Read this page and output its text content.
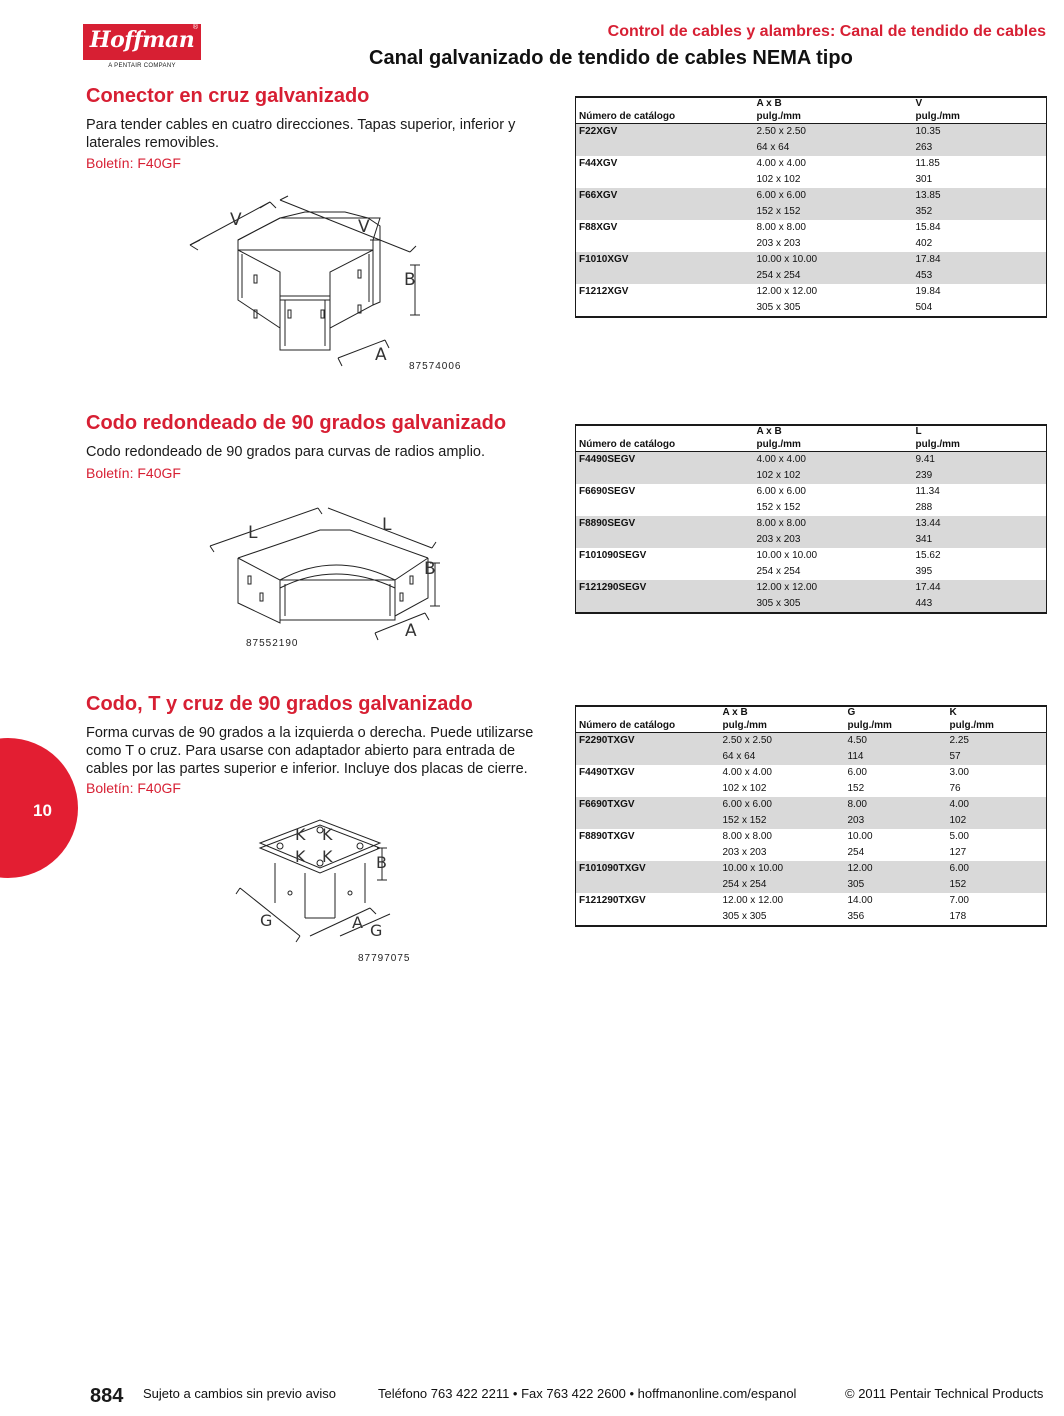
Hoffman
®
A PENTAIR COMPANY
Control de cables y alambres: Canal de tendido de cables
Canal galvanizado de tendido de cables NEMA tipo
Conector en cruz galvanizado
Para tender cables en cuatro direcciones. Tapas superior, inferior y laterales removibles.
Boletín: F40GF
V	V
B
A
87574006
	A x B	V
Número de catálogo	pulg./mm	pulg./mm
F22XGV	2.50 x 2.50	10.35
	64 x 64	263
F44XGV	4.00 x 4.00	11.85
	102 x 102	301
F66XGV	6.00 x 6.00	13.85
	152 x 152	352
F88XGV	8.00 x 8.00	15.84
	203 x 203	402
F1010XGV	10.00 x 10.00	17.84
	254 x 254	453
F1212XGV	12.00 x 12.00	19.84
	305 x 305	504
Codo redondeado de 90 grados galvanizado
Codo redondeado de 90 grados para curvas de radios amplio.
Boletín: F40GF
L	L
B
A
87552190
	A x B	L
Número de catálogo	pulg./mm	pulg./mm
F4490SEGV	4.00 x 4.00	9.41
	102 x 102	239
F6690SEGV	6.00 x 6.00	11.34
	152 x 152	288
F8890SEGV	8.00 x 8.00	13.44
	203 x 203	341
F101090SEGV	10.00 x 10.00	15.62
	254 x 254	395
F121290SEGV	12.00 x 12.00	17.44
	305 x 305	443
Codo, T y cruz de 90 grados galvanizado
Forma curvas de 90 grados a la izquierda o derecha. Puede utilizarse como T o cruz. Para usarse con adaptador abierto para entrada de cables por las partes superior e inferior. Incluye dos placas de cierre.
Boletín: F40GF
K K
K K	B
G	A G
87797075
	A x B	G	K
Número de catálogo	pulg./mm	pulg./mm	pulg./mm
F2290TXGV	2.50 x 2.50	4.50	2.25
	64 x 64	114	57
F4490TXGV	4.00 x 4.00	6.00	3.00
	102 x 102	152	76
F6690TXGV	6.00 x 6.00	8.00	4.00
	152 x 152	203	102
F8890TXGV	8.00 x 8.00	10.00	5.00
	203 x 203	254	127
F101090TXGV	10.00 x 10.00	12.00	6.00
	254 x 254	305	152
F121290TXGV	12.00 x 12.00	14.00	7.00
	305 x 305	356	178
10
884 Sujeto a cambios sin previo aviso	Teléfono 763 422 2211 • Fax 763 422 2600 • hoffmanonline.com/espanol	© 2011 Pentair Technical Products
